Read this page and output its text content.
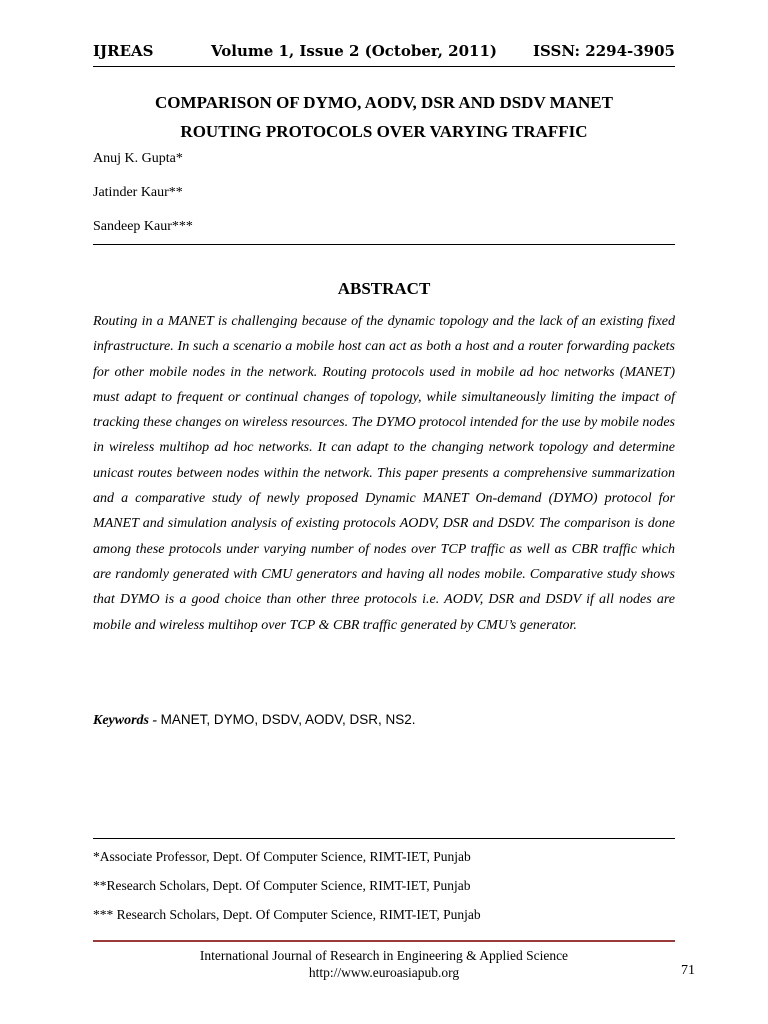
IJREAS	Volume 1, Issue 2 (October, 2011) ISSN: 2294-3905
COMPARISON OF DYMO, AODV, DSR AND DSDV MANET
ROUTING PROTOCOLS OVER VARYING TRAFFIC
Anuj K. Gupta*
Jatinder Kaur**
Sandeep Kaur***
ABSTRACT

Routing in a MANET is challenging because of the dynamic topology and the lack of an existing fixed infrastructure. In such a scenario a mobile host can act as both a host and a router forwarding packets for other mobile nodes in the network. Routing protocols used in mobile ad hoc networks (MANET) must adapt to frequent or continual changes of topology, while simultaneously limiting the impact of tracking these changes on wireless resources. The DYMO protocol intended for the use by mobile nodes in wireless multihop ad hoc networks. It can adapt to the changing network topology and determine unicast routes between nodes within the network. This paper presents a comprehensive summarization and a comparative study of newly proposed Dynamic MANET On-demand (DYMO) protocol for MANET and simulation analysis of existing protocols AODV, DSR and DSDV. The comparison is done among these protocols under varying number of nodes over TCP traffic as well as CBR traffic which are randomly generated with CMU generators and having all nodes mobile. Comparative study shows that DYMO is a good choice than other three protocols i.e. AODV, DSR and DSDV if all nodes are mobile and wireless multihop over TCP & CBR traffic generated by CMU’s generator.

Keywords - MANET, DYMO, DSDV, AODV, DSR, NS2.
*Associate Professor, Dept. Of Computer Science, RIMT-IET, Punjab
**Research Scholars, Dept. Of Computer Science, RIMT-IET, Punjab
*** Research Scholars, Dept. Of Computer Science, RIMT-IET, Punjab
International Journal of Research in Engineering & Applied Science
http://www.euroasiapub.org	71
